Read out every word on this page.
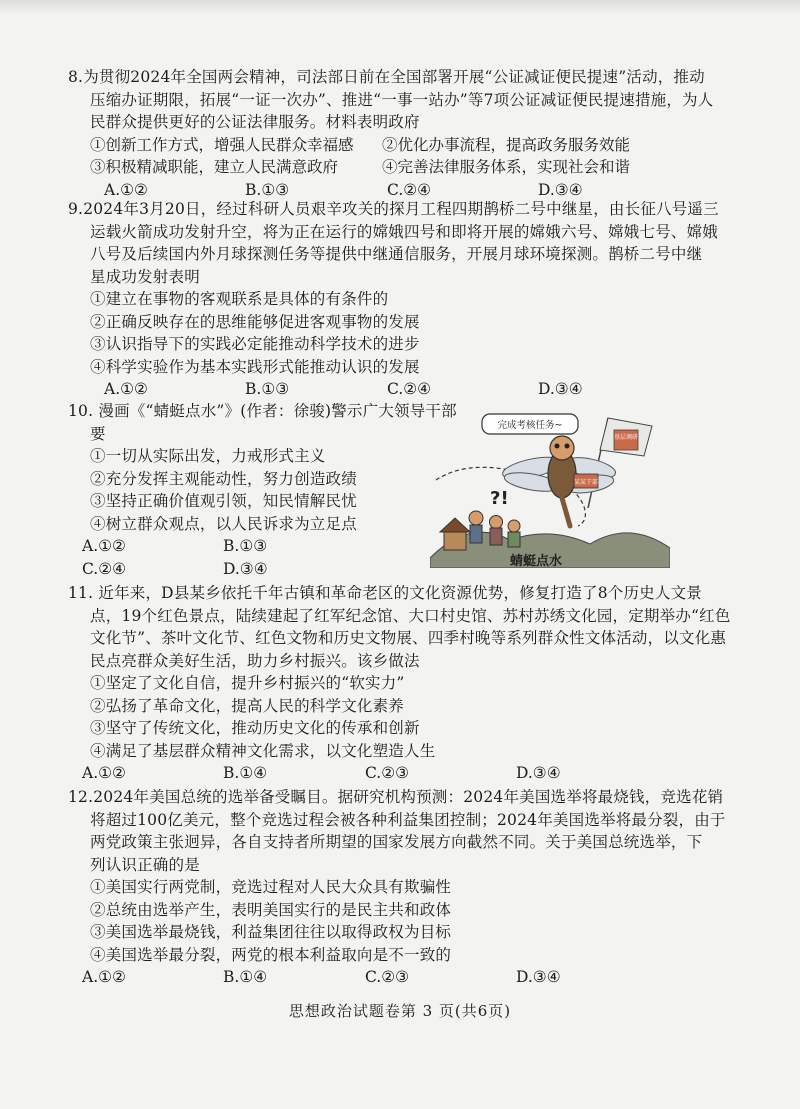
8.为贯彻2024年全国两会精神，司法部日前在全国部署开展“公证减证便民提速”活动，推动
压缩办证期限，拓展“一证一次办”、推进“一事一站办”等7项公证减证便民提速措施，为人
民群众提供更好的公证法律服务。材料表明政府
①创新工作方式，增强人民群众幸福感 ②优化办事流程，提高政务服务效能
③积极精减职能，建立人民满意政府	④完善法律服务体系，实现社会和谐
A.①②	B.①③	C.②④	D.③④
9.2024年3月20日，经过科研人员艰辛攻关的探月工程四期鹊桥二号中继星，由长征八号遥三
运载火箭成功发射升空，将为正在运行的嫦娥四号和即将开展的嫦娥六号、嫦娥七号、嫦娥
八号及后续国内外月球探测任务等提供中继通信服务，开展月球环境探测。鹊桥二号中继
星成功发射表明
①建立在事物的客观联系是具体的有条件的
②正确反映存在的思维能够促进客观事物的发展
③认识指导下的实践必定能推动科学技术的进步
④科学实验作为基本实践形式能推动认识的发展
A.①②	B.①③	C.②④	D.③④
10. 漫画《“蜻蜓点水”》(作者：徐骏)警示广大领导干部
要
①一切从实际出发，力戒形式主义
②充分发挥主观能动性，努力创造政绩
③坚持正确价值观引领，知民情解民忧
④树立群众观点，以人民诉求为立足点
A.①②	B.①③
C.②④	D.③④
完成考核任务~
基层调研
某某干部
?!
蜻蜓点水
11. 近年来，D县某乡依托千年古镇和革命老区的文化资源优势，修复打造了8个历史人文景
点，19个红色景点，陆续建起了红军纪念馆、大口村史馆、苏村苏绣文化园，定期举办“红色
文化节”、茶叶文化节、红色文物和历史文物展、四季村晚等系列群众性文体活动，以文化惠
民点亮群众美好生活，助力乡村振兴。该乡做法
①坚定了文化自信，提升乡村振兴的“软实力”
②弘扬了革命文化，提高人民的科学文化素养
③坚守了传统文化，推动历史文化的传承和创新
④满足了基层群众精神文化需求，以文化塑造人生
A.①②	B.①④	C.②③	D.③④
12.2024年美国总统的选举备受瞩目。据研究机构预测：2024年美国选举将最烧钱，竞选花销
将超过100亿美元，整个竞选过程会被各种利益集团控制；2024年美国选举将最分裂，由于
两党政策主张迥异，各自支持者所期望的国家发展方向截然不同。关于美国总统选举，下
列认识正确的是
①美国实行两党制，竞选过程对人民大众具有欺骗性
②总统由选举产生，表明美国实行的是民主共和政体
③美国选举最烧钱，利益集团往往以取得政权为目标
④美国选举最分裂，两党的根本利益取向是不一致的
A.①②	B.①④	C.②③	D.③④
思想政治试题卷第 3 页(共6页)
